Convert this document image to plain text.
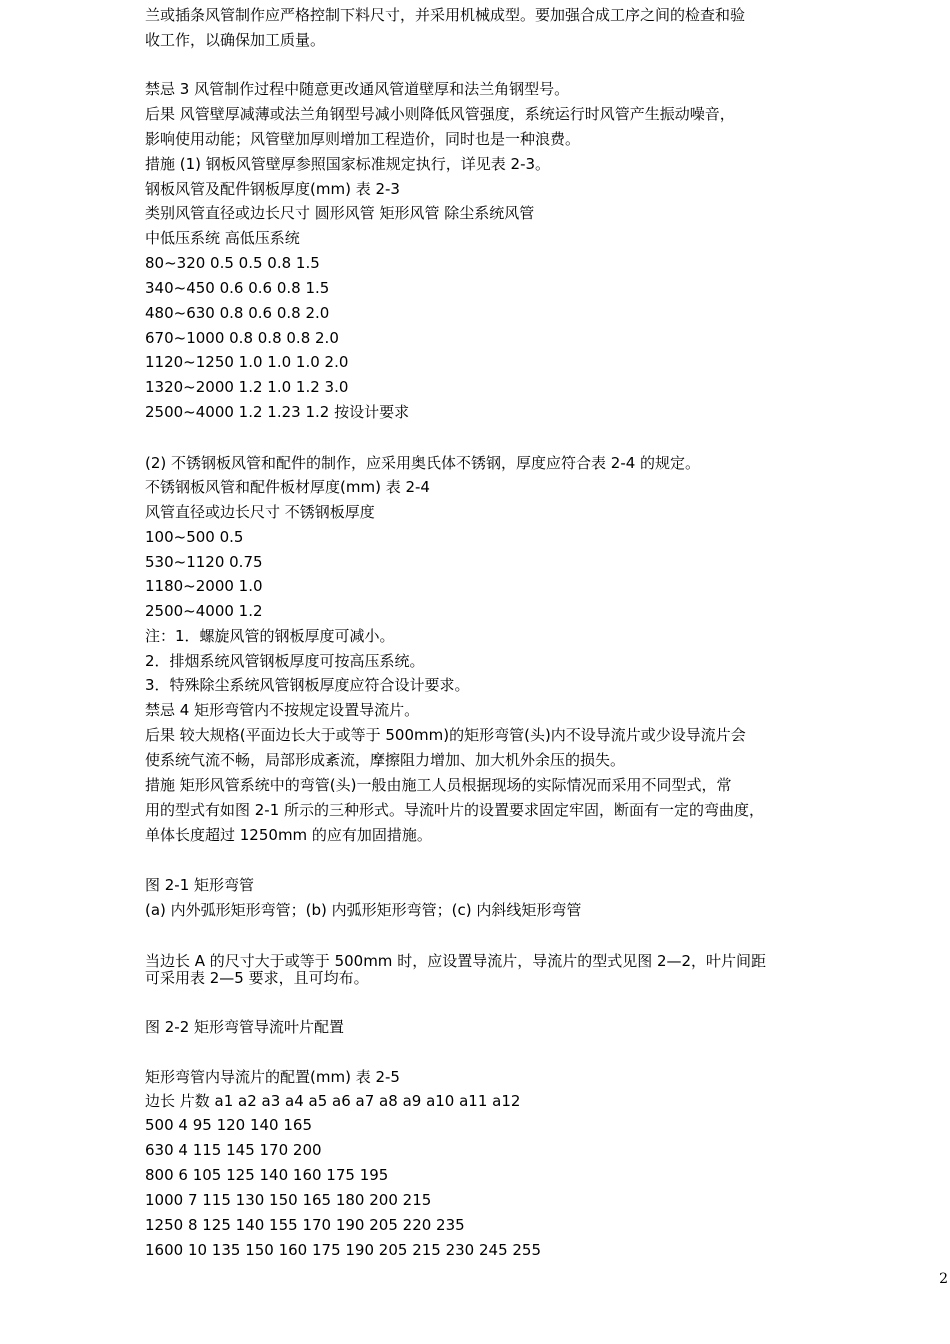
兰或插条风管制作应严格控制下料尺寸，并采用机械成型。要加强合成工序之间的检查和验
收工作，以确保加工质量。
禁忌 3 风管制作过程中随意更改通风管道壁厚和法兰角钢型号。
后果 风管壁厚减薄或法兰角钢型号减小则降低风管强度，系统运行时风管产生振动噪音，
影响使用动能；风管壁加厚则增加工程造价，同时也是一种浪费。
措施 (1) 钢板风管壁厚参照国家标准规定执行，详见表 2-3。
钢板风管及配件钢板厚度(mm) 表 2-3
类别风管直径或边长尺寸 圆形风管 矩形风管 除尘系统风管
中低压系统 高低压系统
80~320 0.5 0.5 0.8 1.5
340~450 0.6 0.6 0.8 1.5
480~630 0.8 0.6 0.8 2.0
670~1000 0.8 0.8 0.8 2.0
1120~1250 1.0 1.0 1.0 2.0
1320~2000 1.2 1.0 1.2 3.0
2500~4000 1.2 1.23 1.2 按设计要求
(2) 不锈钢板风管和配件的制作，应采用奥氏体不锈钢，厚度应符合表 2-4 的规定。
不锈钢板风管和配件板材厚度(mm) 表 2-4
风管直径或边长尺寸 不锈钢板厚度
100~500 0.5
530~1120 0.75
1180~2000 1.0
2500~4000 1.2
注：1．螺旋风管的钢板厚度可减小。
2．排烟系统风管钢板厚度可按高压系统。
3．特殊除尘系统风管钢板厚度应符合设计要求。
禁忌 4 矩形弯管内不按规定设置导流片。
后果 较大规格(平面边长大于或等于 500mm)的矩形弯管(头)内不设导流片或少设导流片会
使系统气流不畅，局部形成紊流，摩擦阻力增加、加大机外余压的损失。
措施 矩形风管系统中的弯管(头)一般由施工人员根据现场的实际情况而采用不同型式，常
用的型式有如图 2-1 所示的三种形式。导流叶片的设置要求固定牢固，断面有一定的弯曲度，
单体长度超过 1250mm 的应有加固措施。
图 2-1 矩形弯管
(a) 内外弧形矩形弯管；(b) 内弧形矩形弯管；(c) 内斜线矩形弯管
当边长 A 的尺寸大于或等于 500mm 时，应设置导流片，导流片的型式见图 2—2，叶片间距
可采用表 2—5 要求，且可均布。
图 2-2 矩形弯管导流叶片配置
矩形弯管内导流片的配置(mm) 表 2-5
边长 片数 a1 a2 a3 a4 a5 a6 a7 a8 a9 a10 a11 a12
500 4 95 120 140 165
630 4 115 145 170 200
800 6 105 125 140 160 175 195
1000 7 115 130 150 165 180 200 215
1250 8 125 140 155 170 190 205 220 235
1600 10 135 150 160 175 190 205 215 230 245 255
2
